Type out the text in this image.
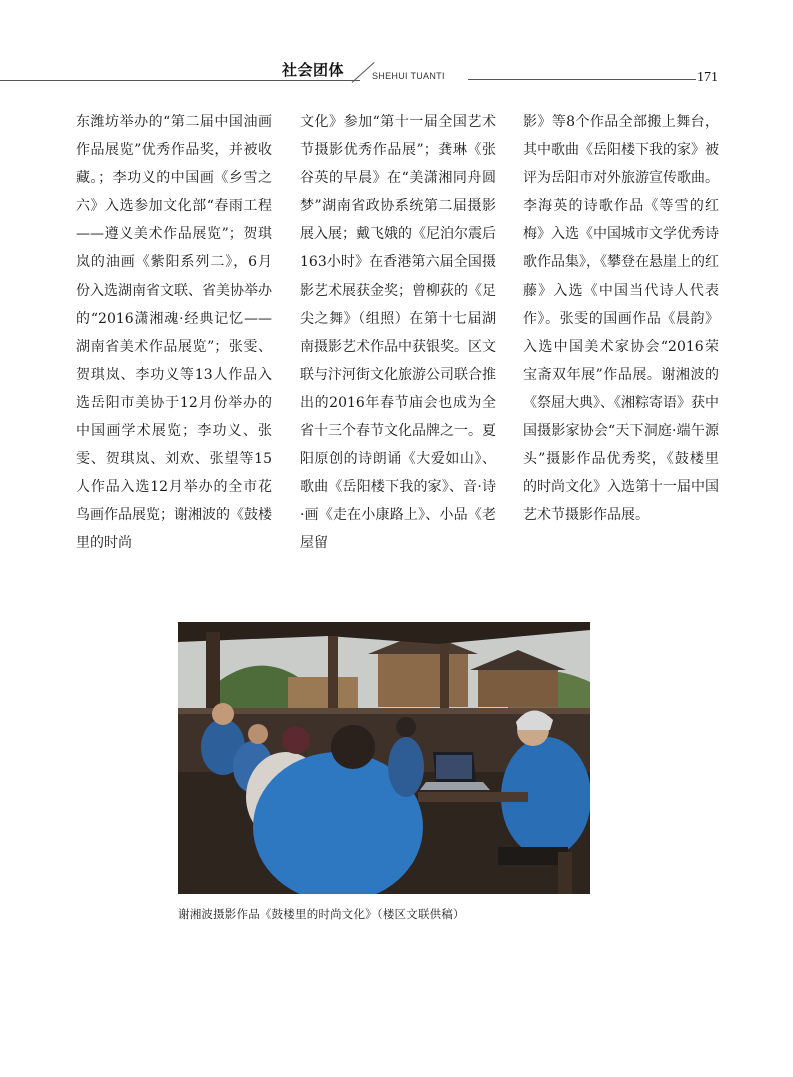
社会团体	SHEHUI TUANTI	171
东潍坊举办的“第二届中国油画作品展览”优秀作品奖，并被收藏。；李功义的中国画《乡雪之六》入选参加文化部“春雨工程——遵义美术作品展览”；贺琪岚的油画《紫阳系列二》，6月份入选湖南省文联、省美协举办的“2016潇湘魂·经典记忆——湖南省美术作品展览”；张雯、贺琪岚、李功义等13人作品入选岳阳市美协于12月份举办的中国画学术展览；李功义、张雯、贺琪岚、刘欢、张望等15人作品入选12月举办的全市花鸟画作品展览；谢湘波的《鼓楼里的时尚
文化》参加“第十一届全国艺术节摄影优秀作品展”；龚琳《张谷英的早晨》在“美潇湘同舟圆梦”湖南省政协系统第二届摄影展入展；戴飞娥的《尼泊尔震后163小时》在香港第六届全国摄影艺术展获金奖；曾柳荻的《足尖之舞》（组照）在第十七届湖南摄影艺术作品中获银奖。区文联与汴河街文化旅游公司联合推出的2016年春节庙会也成为全省十三个春节文化品牌之一。夏阳原创的诗朗诵《大爱如山》、歌曲《岳阳楼下我的家》、音·诗·画《走在小康路上》、小品《老屋留
影》等8个作品全部搬上舞台，其中歌曲《岳阳楼下我的家》被评为岳阳市对外旅游宣传歌曲。李海英的诗歌作品《等雪的红梅》入选《中国城市文学优秀诗歌作品集》，《攀登在悬崖上的红藤》入选《中国当代诗人代表作》。张雯的国画作品《晨韵》入选中国美术家协会“2016荣宝斋双年展”作品展。谢湘波的《祭屈大典》、《湘粽寄语》获中国摄影家协会“天下洞庭·端午源头”摄影作品优秀奖，《鼓楼里的时尚文化》入选第十一届中国艺术节摄影作品展。
谢湘波摄影作品《鼓楼里的时尚文化》（楼区文联供稿）
